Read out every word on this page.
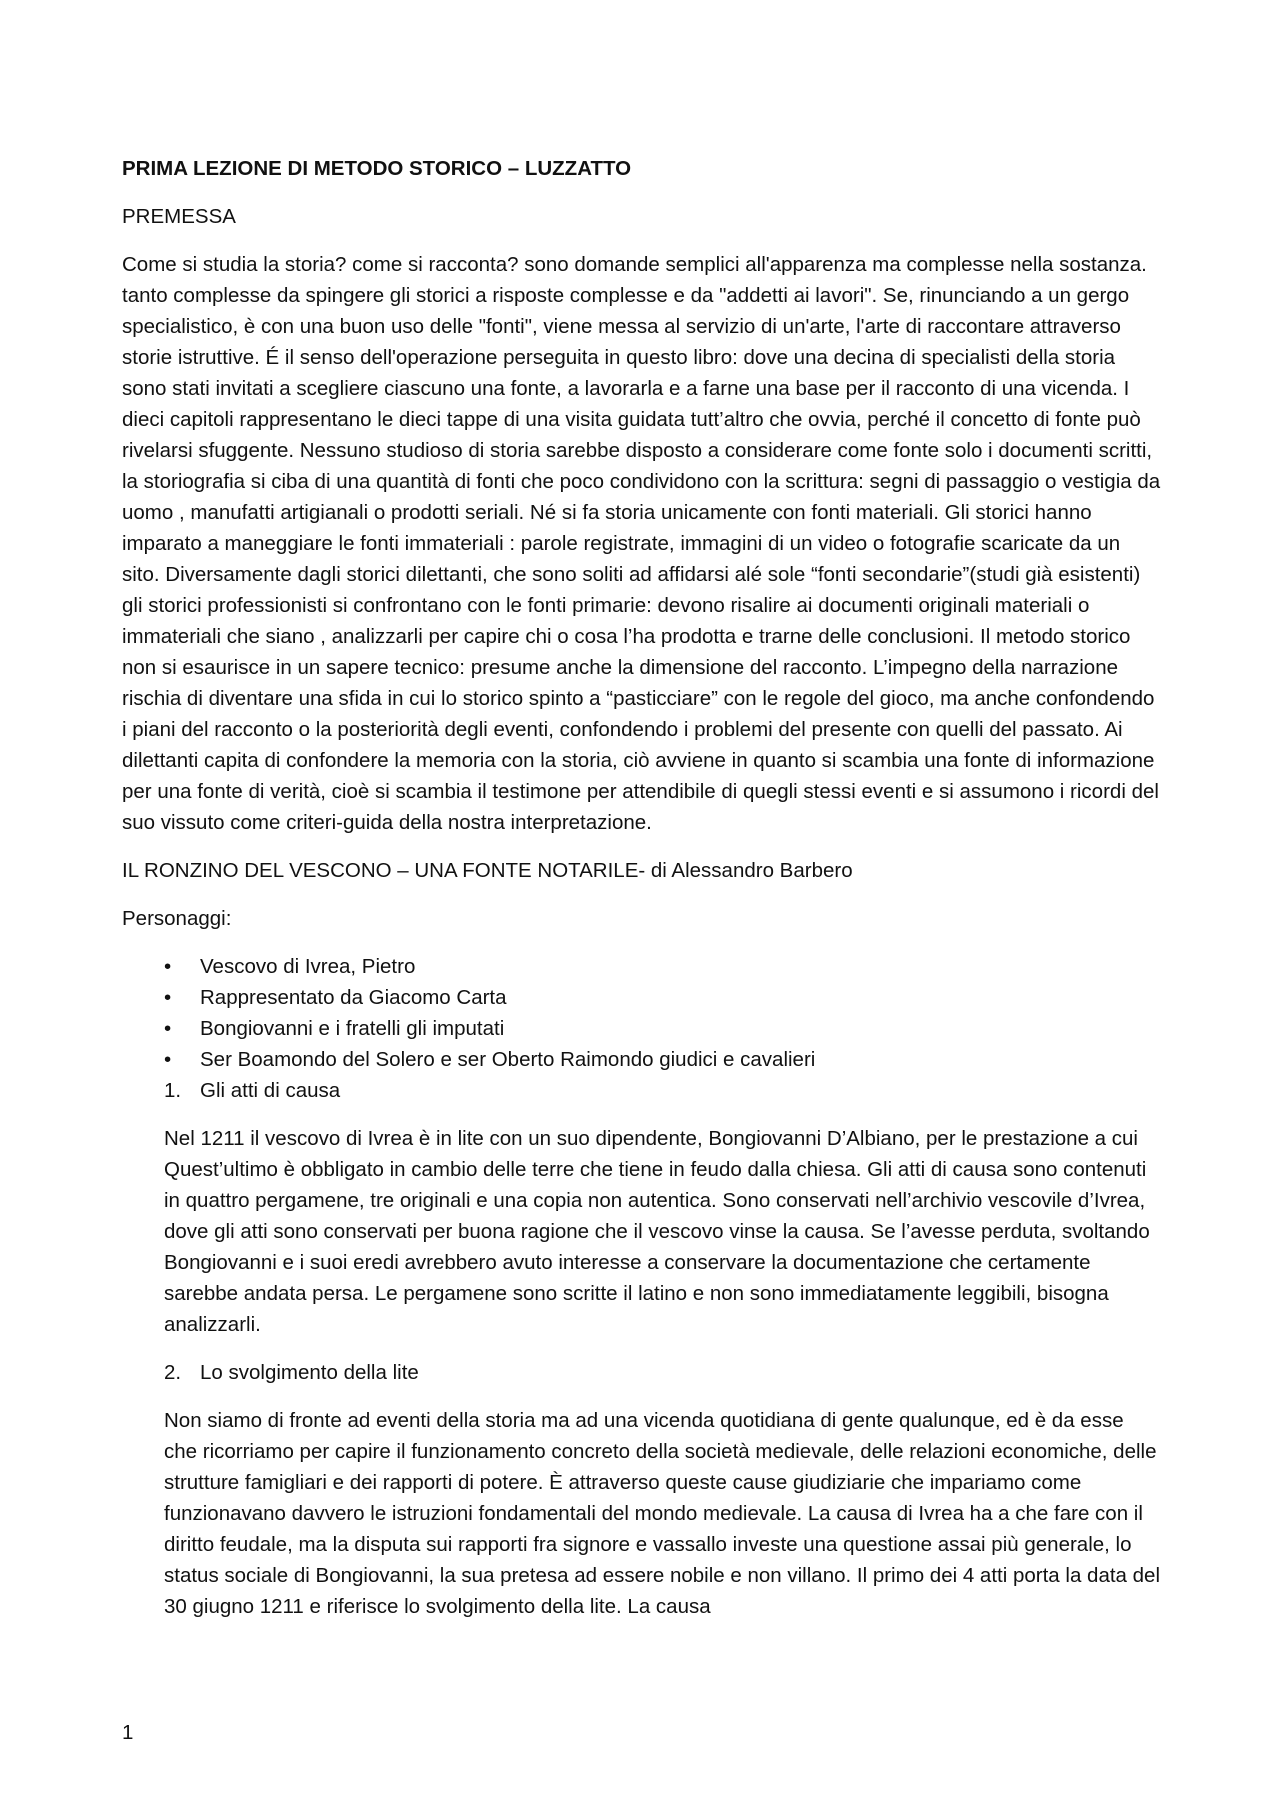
PRIMA LEZIONE DI METODO STORICO – LUZZATTO
PREMESSA
Come si studia la storia? come si racconta? sono domande semplici all'apparenza ma complesse nella sostanza. tanto complesse da spingere gli storici a risposte complesse e da "addetti ai lavori". Se, rinunciando a un gergo specialistico, è con una buon uso delle "fonti", viene messa al servizio di un'arte, l'arte di raccontare attraverso storie istruttive. É il senso dell'operazione perseguita in questo libro: dove una decina di specialisti della storia sono stati invitati a scegliere ciascuno una fonte, a lavorarla e a farne una base per il racconto di una vicenda. I dieci capitoli rappresentano le dieci tappe di una visita guidata tutt’altro che ovvia, perché il concetto di fonte può rivelarsi sfuggente. Nessuno studioso di storia sarebbe disposto a considerare come fonte solo i documenti scritti, la storiografia si ciba di una quantità di fonti che poco condividono con la scrittura: segni di passaggio o vestigia da uomo , manufatti artigianali o prodotti seriali. Né si fa storia unicamente con fonti materiali. Gli storici hanno imparato a maneggiare le fonti immateriali : parole registrate, immagini di un video o fotografie scaricate da un sito. Diversamente dagli storici dilettanti, che sono soliti ad affidarsi alé sole “fonti secondarie”(studi già esistenti) gli storici professionisti si confrontano con le fonti primarie: devono risalire ai documenti originali materiali o immateriali che siano , analizzarli per capire chi o cosa l’ha prodotta e trarne delle conclusioni. Il metodo storico non si esaurisce in un sapere tecnico: presume anche la dimensione del racconto. L’impegno della narrazione rischia di diventare una sfida in cui lo storico spinto a “pasticciare” con le regole del gioco, ma anche confondendo i piani del racconto o la posteriorità degli eventi, confondendo i problemi del presente con quelli del passato. Ai dilettanti capita di confondere la memoria con la storia, ciò avviene in quanto si scambia una fonte di informazione per una fonte di verità, cioè si scambia il testimone per attendibile di quegli stessi eventi e si assumono i ricordi del suo vissuto come criteri-guida della nostra interpretazione.
IL RONZINO DEL VESCONO – UNA FONTE NOTARILE- di Alessandro Barbero
Personaggi:
•	Vescovo di Ivrea, Pietro
•	Rappresentato da Giacomo Carta
•	Bongiovanni e i fratelli gli imputati
•	Ser Boamondo del Solero e ser Oberto Raimondo giudici e cavalieri
1. Gli atti di causa
Nel 1211 il vescovo di Ivrea è in lite con un suo dipendente, Bongiovanni D’Albiano, per le prestazione a cui Quest’ultimo è obbligato in cambio delle terre che tiene in feudo dalla chiesa. Gli atti di causa sono contenuti in quattro pergamene, tre originali e una copia non autentica. Sono conservati nell’archivio vescovile d’Ivrea, dove gli atti sono conservati per buona ragione che il vescovo vinse la causa. Se l’avesse perduta, svoltando Bongiovanni e i suoi eredi avrebbero avuto interesse a conservare la documentazione che certamente sarebbe andata persa. Le pergamene sono scritte il latino e non sono immediatamente leggibili, bisogna analizzarli.
2. Lo svolgimento della lite
Non siamo di fronte ad eventi della storia ma ad una vicenda quotidiana di gente qualunque, ed è da esse che ricorriamo per capire il funzionamento concreto della società medievale, delle relazioni economiche, delle strutture famigliari e dei rapporti di potere. È attraverso queste cause giudiziarie che impariamo come funzionavano davvero le istruzioni fondamentali del mondo medievale. La causa di Ivrea ha a che fare con il diritto feudale, ma la disputa sui rapporti fra signore e vassallo investe una questione assai più generale, lo status sociale di Bongiovanni, la sua pretesa ad essere nobile e non villano. Il primo dei 4 atti porta la data del 30 giugno 1211 e riferisce lo svolgimento della lite. La causa
1
